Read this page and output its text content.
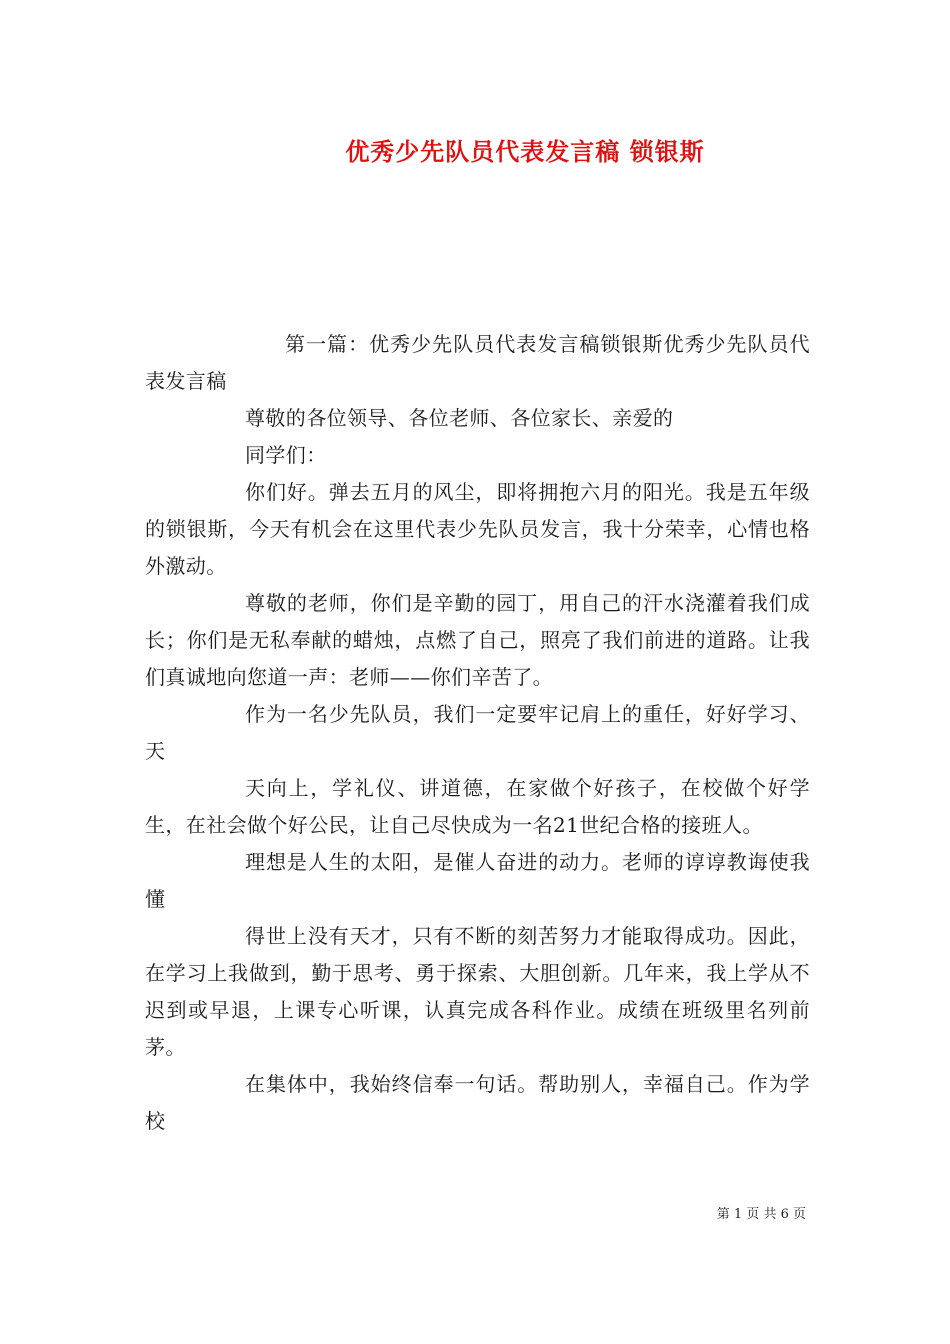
优秀少先队员代表发言稿 锁银斯

第一篇：优秀少先队员代表发言稿锁银斯优秀少先队员代表发言稿

尊敬的各位领导、各位老师、各位家长、亲爱的

同学们：

你们好。弹去五月的风尘，即将拥抱六月的阳光。我是五年级的锁银斯，今天有机会在这里代表少先队员发言，我十分荣幸，心情也格外激动。

尊敬的老师，你们是辛勤的园丁，用自己的汗水浇灌着我们成长；你们是无私奉献的蜡烛，点燃了自己，照亮了我们前进的道路。让我们真诚地向您道一声：老师——你们辛苦了。

作为一名少先队员，我们一定要牢记肩上的重任，好好学习、天

天向上，学礼仪、讲道德，在家做个好孩子，在校做个好学生，在社会做个好公民，让自己尽快成为一名21世纪合格的接班人。

理想是人生的太阳，是催人奋进的动力。老师的谆谆教诲使我懂

得世上没有天才，只有不断的刻苦努力才能取得成功。因此，在学习上我做到，勤于思考、勇于探索、大胆创新。几年来，我上学从不迟到或早退，上课专心听课，认真完成各科作业。成绩在班级里名列前茅。

在集体中，我始终信奉一句话。帮助别人，幸福自己。作为学校

第 1 页 共 6 页
